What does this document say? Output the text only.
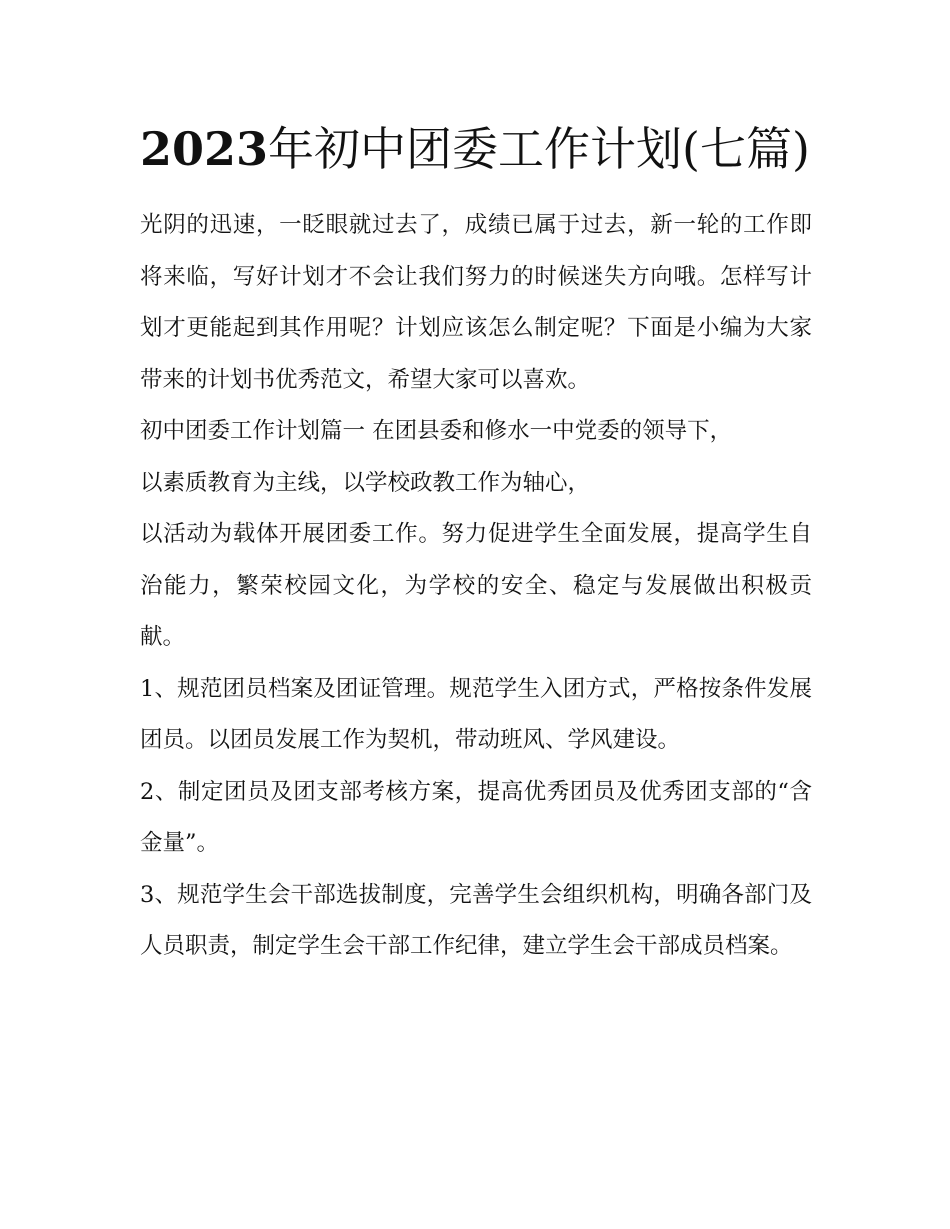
2023年初中团委工作计划(七篇)

光阴的迅速，一眨眼就过去了，成绩已属于过去，新一轮的工作即将来临，写好计划才不会让我们努力的时候迷失方向哦。怎样写计划才更能起到其作用呢？计划应该怎么制定呢？下面是小编为大家带来的计划书优秀范文，希望大家可以喜欢。

初中团委工作计划篇一 在团县委和修水一中党委的领导下，

以素质教育为主线，以学校政教工作为轴心，

以活动为载体开展团委工作。努力促进学生全面发展，提高学生自治能力，繁荣校园文化，为学校的安全、稳定与发展做出积极贡献。

1、规范团员档案及团证管理。规范学生入团方式，严格按条件发展团员。以团员发展工作为契机，带动班风、学风建设。

2、制定团员及团支部考核方案，提高优秀团员及优秀团支部的“含金量”。

3、规范学生会干部选拔制度，完善学生会组织机构，明确各部门及人员职责，制定学生会干部工作纪律，建立学生会干部成员档案。
